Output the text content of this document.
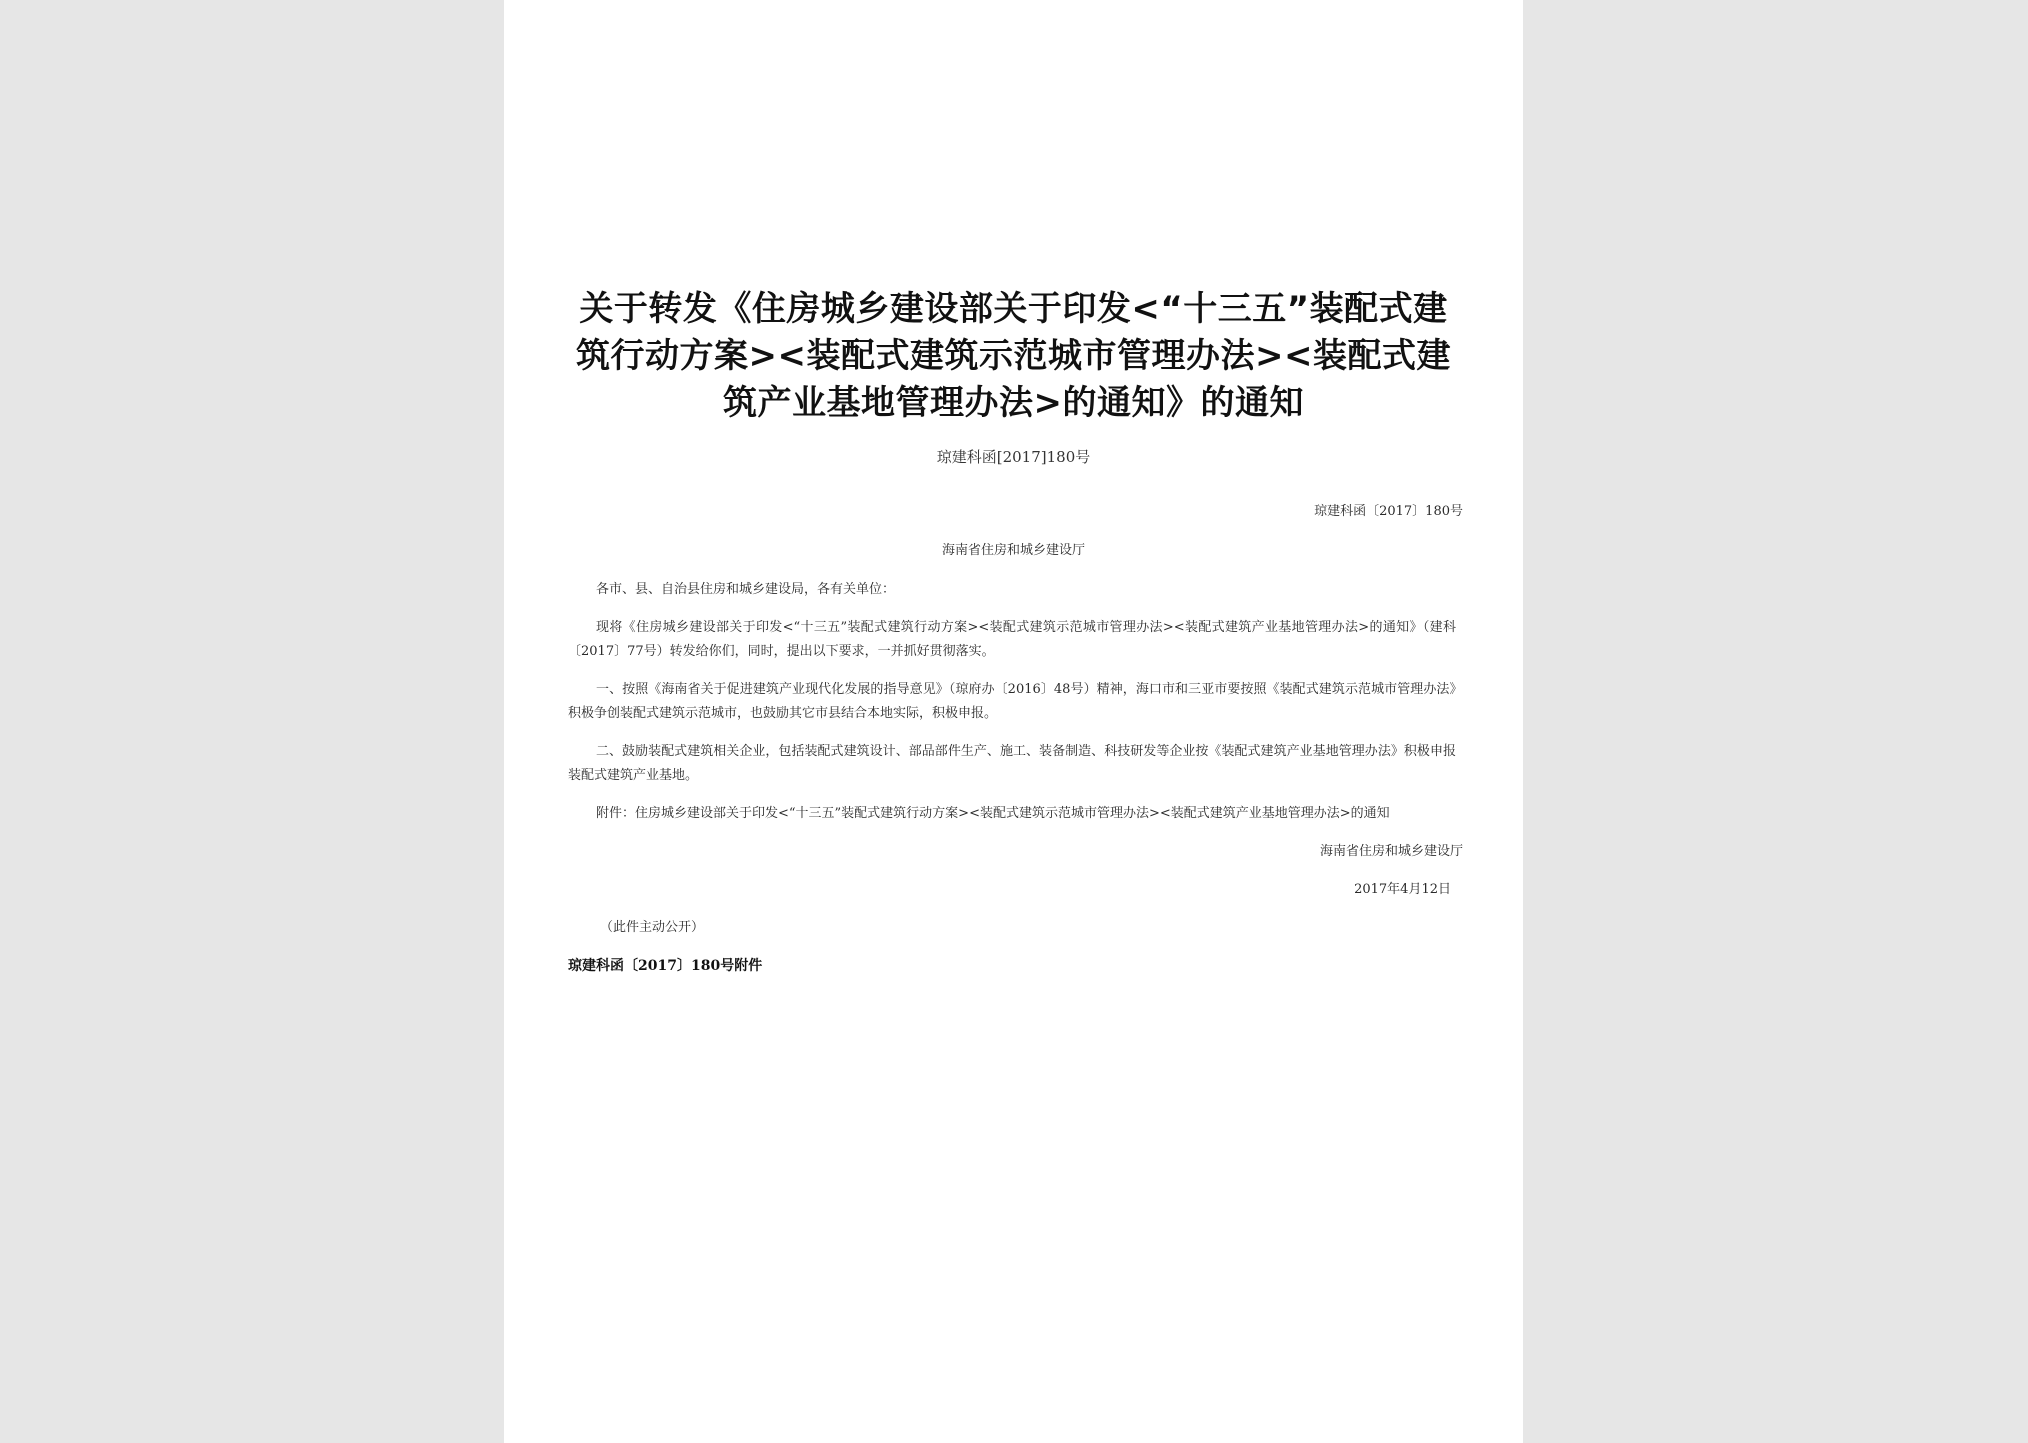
关于转发《住房城乡建设部关于印发<“十三五”装配式建筑行动方案><装配式建筑示范城市管理办法><装配式建筑产业基地管理办法>的通知》的通知
琼建科函[2017]180号
琼建科函〔2017〕180号
海南省住房和城乡建设厅
各市、县、自治县住房和城乡建设局，各有关单位：

现将《住房城乡建设部关于印发<“十三五”装配式建筑行动方案><装配式建筑示范城市管理办法><装配式建筑产业基地管理办法>的通知》（建科〔2017〕77号）转发给你们，同时，提出以下要求，一并抓好贯彻落实。

一、按照《海南省关于促进建筑产业现代化发展的指导意见》（琼府办〔2016〕48号）精神，海口市和三亚市要按照《装配式建筑示范城市管理办法》积极争创装配式建筑示范城市，也鼓励其它市县结合本地实际，积极申报。

二、鼓励装配式建筑相关企业，包括装配式建筑设计、部品部件生产、施工、装备制造、科技研发等企业按《装配式建筑产业基地管理办法》积极申报装配式建筑产业基地。

附件：住房城乡建设部关于印发<“十三五”装配式建筑行动方案><装配式建筑示范城市管理办法><装配式建筑产业基地管理办法>的通知
海南省住房和城乡建设厅
2017年4月12日
（此件主动公开）
琼建科函〔2017〕180号附件
